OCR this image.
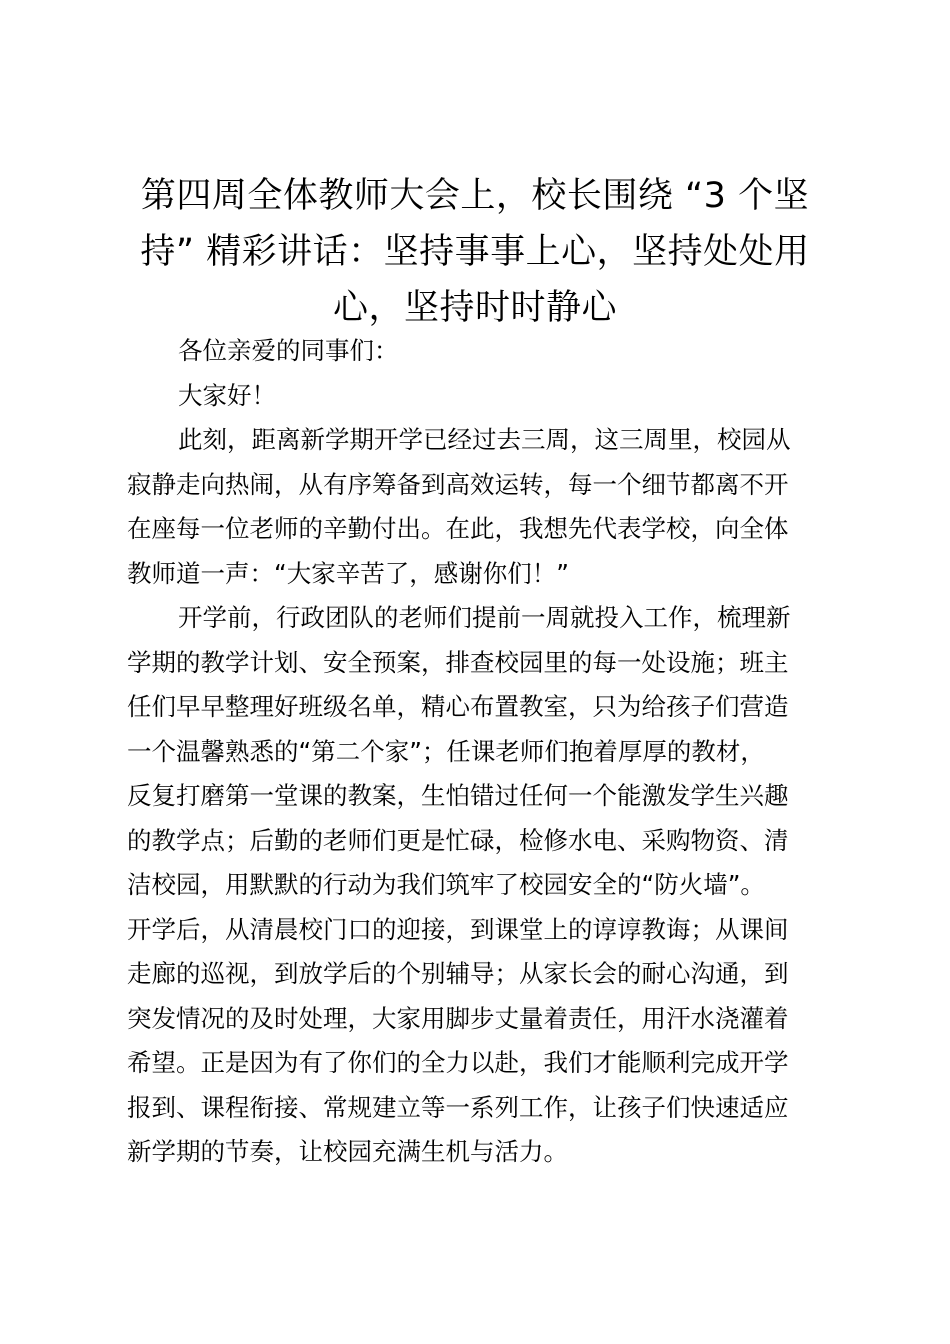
第四周全体教师大会上，校长围绕 “3 个坚
持” 精彩讲话：坚持事事上心，坚持处处用
心，坚持时时静心
各位亲爱的同事们：
大家好！
此刻，距离新学期开学已经过去三周，这三周里，校园从
寂静走向热闹，从有序筹备到高效运转，每一个细节都离不开
在座每一位老师的辛勤付出。在此，我想先代表学校，向全体
教师道一声：“大家辛苦了，感谢你们！”
开学前，行政团队的老师们提前一周就投入工作，梳理新
学期的教学计划、安全预案，排查校园里的每一处设施；班主
任们早早整理好班级名单，精心布置教室，只为给孩子们营造
一个温馨熟悉的“第二个家”；任课老师们抱着厚厚的教材，
反复打磨第一堂课的教案，生怕错过任何一个能激发学生兴趣
的教学点；后勤的老师们更是忙碌，检修水电、采购物资、清
洁校园，用默默的行动为我们筑牢了校园安全的“防火墙”。
开学后，从清晨校门口的迎接，到课堂上的谆谆教诲；从课间
走廊的巡视，到放学后的个别辅导；从家长会的耐心沟通，到
突发情况的及时处理，大家用脚步丈量着责任，用汗水浇灌着
希望。正是因为有了你们的全力以赴，我们才能顺利完成开学
报到、课程衔接、常规建立等一系列工作，让孩子们快速适应
新学期的节奏，让校园充满生机与活力。
